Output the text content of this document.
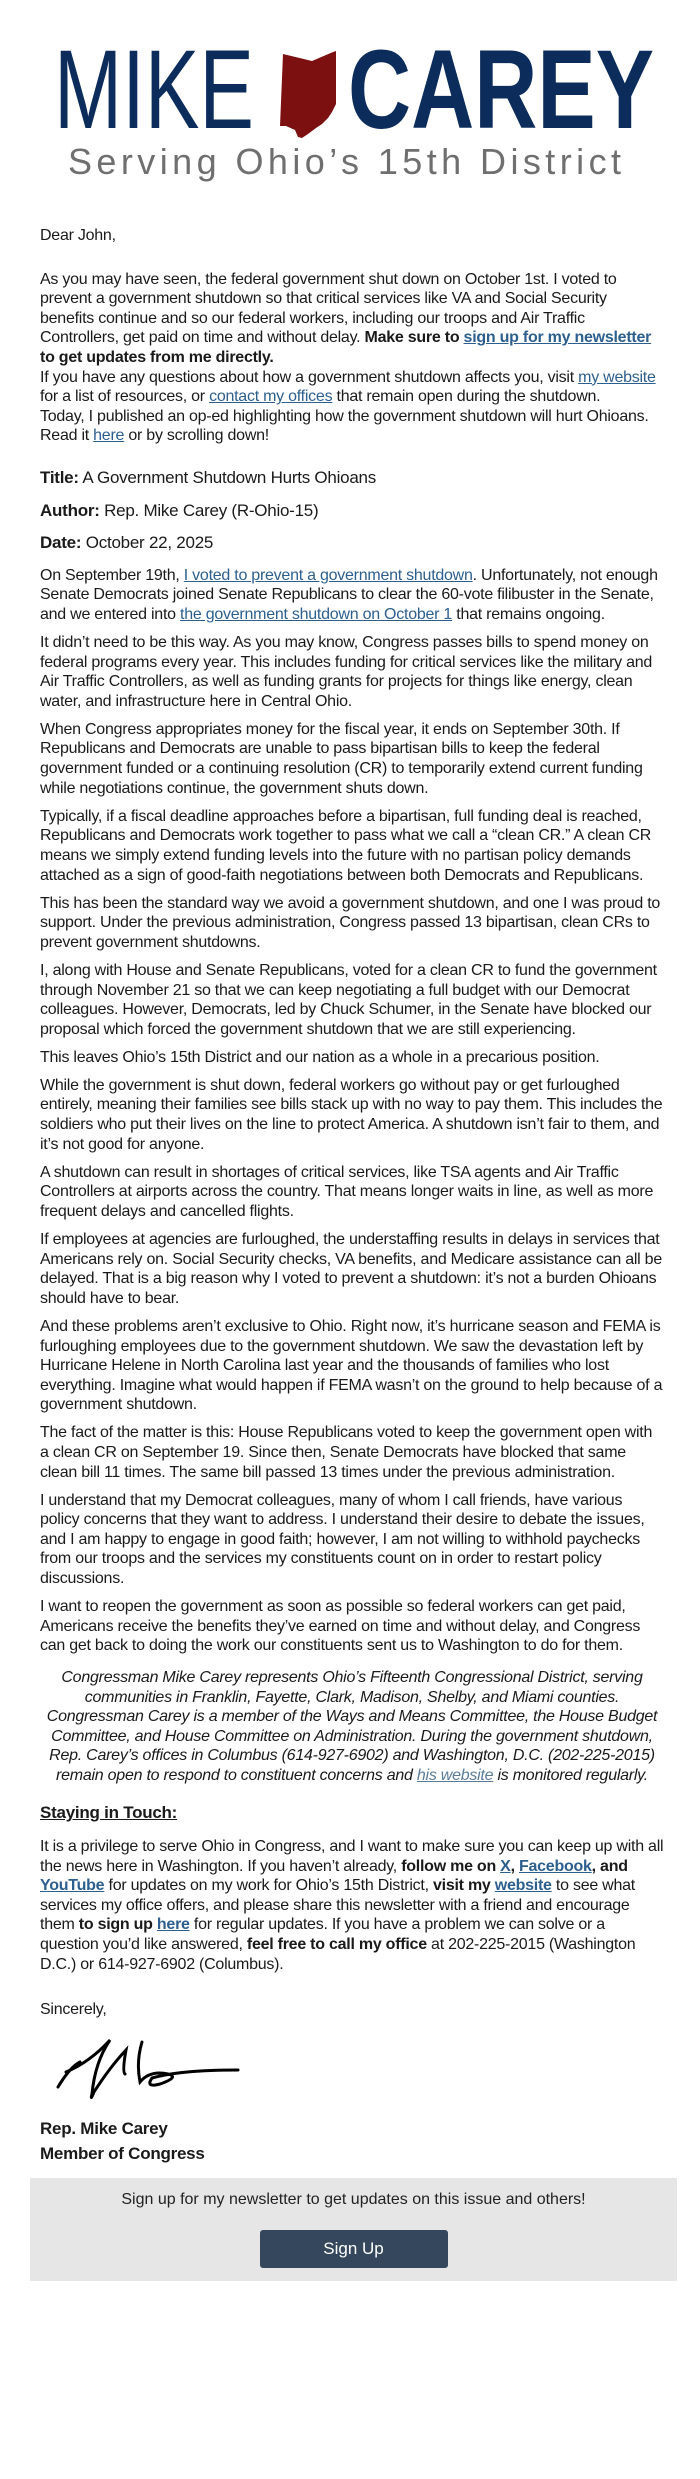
MIKE CAREY
Serving Ohio’s 15th District

Dear John,

As you may have seen, the federal government shut down on October 1st. I voted to prevent a government shutdown so that critical services like VA and Social Security benefits continue and so our federal workers, including our troops and Air Traffic Controllers, get paid on time and without delay. Make sure to sign up for my newsletter to get updates from me directly.

If you have any questions about how a government shutdown affects you, visit my website for a list of resources, or contact my offices that remain open during the shutdown.

Today, I published an op-ed highlighting how the government shutdown will hurt Ohioans. Read it here or by scrolling down!

Title: A Government Shutdown Hurts Ohioans

Author: Rep. Mike Carey (R-Ohio-15)

Date: October 22, 2025

On September 19th, I voted to prevent a government shutdown. Unfortunately, not enough Senate Democrats joined Senate Republicans to clear the 60-vote filibuster in the Senate, and we entered into the government shutdown on October 1 that remains ongoing.

It didn’t need to be this way. As you may know, Congress passes bills to spend money on federal programs every year. This includes funding for critical services like the military and Air Traffic Controllers, as well as funding grants for projects for things like energy, clean water, and infrastructure here in Central Ohio.

When Congress appropriates money for the fiscal year, it ends on September 30th. If Republicans and Democrats are unable to pass bipartisan bills to keep the federal government funded or a continuing resolution (CR) to temporarily extend current funding while negotiations continue, the government shuts down.

Typically, if a fiscal deadline approaches before a bipartisan, full funding deal is reached, Republicans and Democrats work together to pass what we call a “clean CR.” A clean CR means we simply extend funding levels into the future with no partisan policy demands attached as a sign of good-faith negotiations between both Democrats and Republicans.

This has been the standard way we avoid a government shutdown, and one I was proud to support. Under the previous administration, Congress passed 13 bipartisan, clean CRs to prevent government shutdowns.

I, along with House and Senate Republicans, voted for a clean CR to fund the government through November 21 so that we can keep negotiating a full budget with our Democrat colleagues. However, Democrats, led by Chuck Schumer, in the Senate have blocked our proposal which forced the government shutdown that we are still experiencing.

This leaves Ohio’s 15th District and our nation as a whole in a precarious position.

While the government is shut down, federal workers go without pay or get furloughed entirely, meaning their families see bills stack up with no way to pay them. This includes the soldiers who put their lives on the line to protect America. A shutdown isn’t fair to them, and it’s not good for anyone.

A shutdown can result in shortages of critical services, like TSA agents and Air Traffic Controllers at airports across the country. That means longer waits in line, as well as more frequent delays and cancelled flights.

If employees at agencies are furloughed, the understaffing results in delays in services that Americans rely on. Social Security checks, VA benefits, and Medicare assistance can all be delayed. That is a big reason why I voted to prevent a shutdown: it’s not a burden Ohioans should have to bear.

And these problems aren’t exclusive to Ohio. Right now, it’s hurricane season and FEMA is furloughing employees due to the government shutdown. We saw the devastation left by Hurricane Helene in North Carolina last year and the thousands of families who lost everything. Imagine what would happen if FEMA wasn’t on the ground to help because of a government shutdown.

The fact of the matter is this: House Republicans voted to keep the government open with a clean CR on September 19. Since then, Senate Democrats have blocked that same clean bill 11 times. The same bill passed 13 times under the previous administration.

I understand that my Democrat colleagues, many of whom I call friends, have various policy concerns that they want to address. I understand their desire to debate the issues, and I am happy to engage in good faith; however, I am not willing to withhold paychecks from our troops and the services my constituents count on in order to restart policy discussions.

I want to reopen the government as soon as possible so federal workers can get paid, Americans receive the benefits they’ve earned on time and without delay, and Congress can get back to doing the work our constituents sent us to Washington to do for them.

Congressman Mike Carey represents Ohio’s Fifteenth Congressional District, serving communities in Franklin, Fayette, Clark, Madison, Shelby, and Miami counties. Congressman Carey is a member of the Ways and Means Committee, the House Budget Committee, and House Committee on Administration. During the government shutdown, Rep. Carey’s offices in Columbus (614-927-6902) and Washington, D.C. (202-225-2015) remain open to respond to constituent concerns and his website is monitored regularly.

Staying in Touch:

It is a privilege to serve Ohio in Congress, and I want to make sure you can keep up with all the news here in Washington. If you haven’t already, follow me on X, Facebook, and YouTube for updates on my work for Ohio’s 15th District, visit my website to see what services my office offers, and please share this newsletter with a friend and encourage them to sign up here for regular updates. If you have a problem we can solve or a question you’d like answered, feel free to call my office at 202-225-2015 (Washington D.C.) or 614-927-6902 (Columbus).

Sincerely,

Rep. Mike Carey
Member of Congress
Sign up for my newsletter to get updates on this issue and others!
Sign Up
